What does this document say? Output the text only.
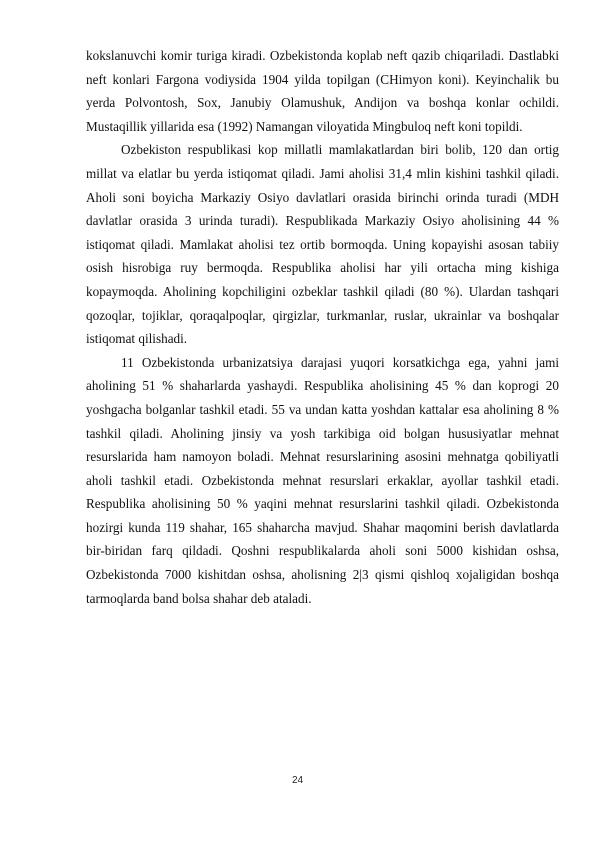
kokslanuvchi komir turiga kiradi. Ozbekistonda koplab neft qazib chiqariladi. Dastlabki neft konlari Fargona vodiysida 1904 yilda topilgan (CHimyon koni). Keyinchalik bu yerda Polvontosh, Sox, Janubiy Olamushuk, Andijon va boshqa konlar ochildi. Mustaqillik yillarida esa (1992) Namangan viloyatida Mingbuloq neft koni topildi.

Ozbekiston respublikasi kop millatli mamlakatlardan biri bolib, 120 dan ortig millat va elatlar bu yerda istiqomat qiladi. Jami aholisi 31,4 mlin kishini tashkil qiladi. Aholi soni boyicha Markaziy Osiyo davlatlari orasida birinchi orinda turadi (MDH davlatlar orasida 3 urinda turadi). Respublikada Markaziy Osiyo aholisining 44 % istiqomat qiladi. Mamlakat aholisi tez ortib bormoqda. Uning kopayishi asosan tabiiy osish hisrobiga ruy bermoqda. Respublika aholisi har yili ortacha ming kishiga kopaymoqda. Aholining kopchiligini ozbeklar tashkil qiladi (80 %). Ulardan tashqari qozoqlar, tojiklar, qoraqalpoqlar, qirgizlar, turkmanlar, ruslar, ukrainlar va boshqalar istiqomat qilishadi.

11 Ozbekistonda urbanizatsiya darajasi yuqori korsatkichga ega, yahni jami aholining 51 % shaharlarda yashaydi. Respublika aholisining 45 % dan koprogi 20 yoshgacha bolganlar tashkil etadi. 55 va undan katta yoshdan kattalar esa aholining 8 % tashkil qiladi. Aholining jinsiy va yosh tarkibiga oid bolgan hususiyatlar mehnat resurslarida ham namoyon boladi. Mehnat resurslarining asosini mehnatga qobiliyatli aholi tashkil etadi. Ozbekistonda mehnat resurslari erkaklar, ayollar tashkil etadi. Respublika aholisining 50 % yaqini mehnat resurslarini tashkil qiladi. Ozbekistonda hozirgi kunda 119 shahar, 165 shaharcha mavjud. Shahar maqomini berish davlatlarda bir-biridan farq qildadi. Qoshni respublikalarda aholi soni 5000 kishidan oshsa, Ozbekistonda 7000 kishitdan oshsa, aholisning 2|3 qismi qishloq xojaligidan boshqa tarmoqlarda band bolsa shahar deb ataladi.

24
